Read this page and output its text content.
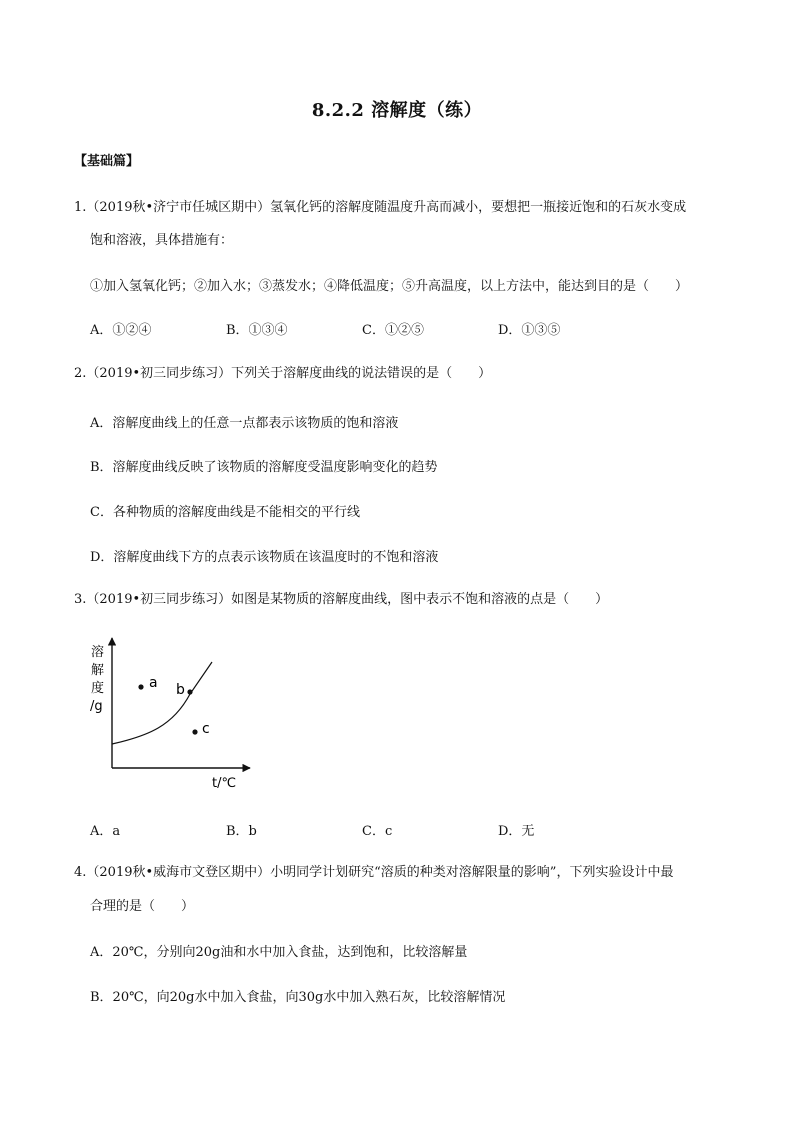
8.2.2 溶解度（练）
【基础篇】
1.（2019秋•济宁市任城区期中）氢氧化钙的溶解度随温度升高而减小，要想把一瓶接近饱和的石灰水变成
饱和溶液，具体措施有：
①加入氢氧化钙；②加入水；③蒸发水；④降低温度；⑤升高温度，以上方法中，能达到目的是（　　）
A．①②④	B．①③④	C．①②⑤	D．①③⑤
2.（2019•初三同步练习）下列关于溶解度曲线的说法错误的是（　　）
A．溶解度曲线上的任意一点都表示该物质的饱和溶液
B．溶解度曲线反映了该物质的溶解度受温度影响变化的趋势
C．各种物质的溶解度曲线是不能相交的平行线
D．溶解度曲线下方的点表示该物质在该温度时的不饱和溶液
3.（2019•初三同步练习）如图是某物质的溶解度曲线，图中表示不饱和溶液的点是（　　）
溶
解
度
/g
t/℃
a b
c
A．a	B．b	C．c	D．无
4.（2019秋•威海市文登区期中）小明同学计划研究“溶质的种类对溶解限量的影响”，下列实验设计中最
合理的是（　　）
A．20℃，分别向20g油和水中加入食盐，达到饱和，比较溶解量
B．20℃，向20g水中加入食盐，向30g水中加入熟石灰，比较溶解情况
